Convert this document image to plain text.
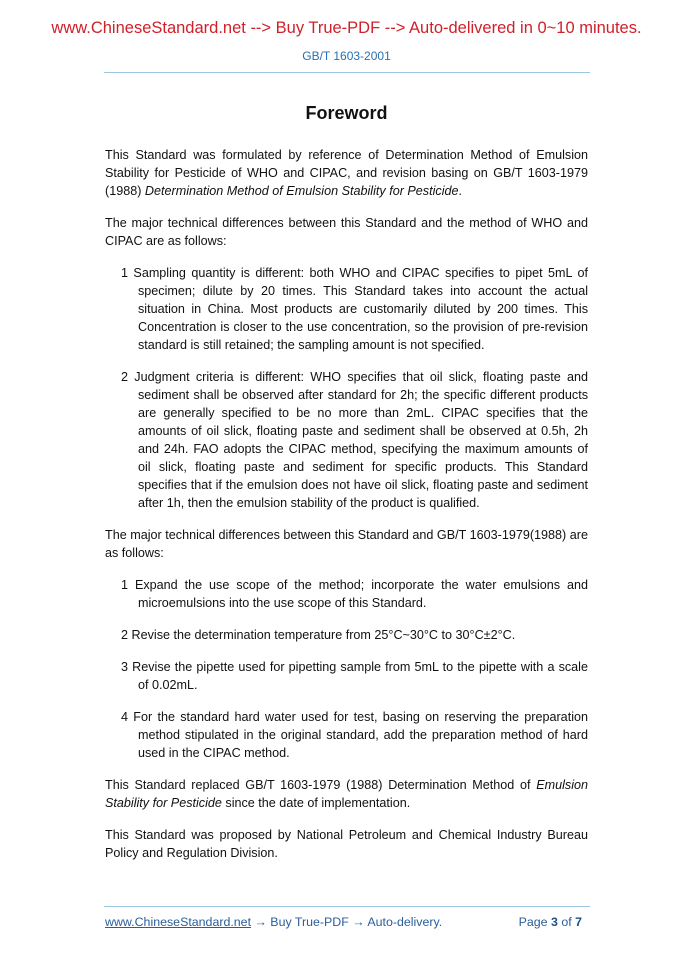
www.ChineseStandard.net --> Buy True-PDF --> Auto-delivered in 0~10 minutes.
GB/T 1603-2001
Foreword

This Standard was formulated by reference of Determination Method of Emulsion Stability for Pesticide of WHO and CIPAC, and revision basing on GB/T 1603-1979 (1988) Determination Method of Emulsion Stability for Pesticide.

The major technical differences between this Standard and the method of WHO and CIPAC are as follows:

1 Sampling quantity is different: both WHO and CIPAC specifies to pipet 5mL of specimen; dilute by 20 times. This Standard takes into account the actual situation in China. Most products are customarily diluted by 200 times. This Concentration is closer to the use concentration, so the provision of pre-revision standard is still retained; the sampling amount is not specified.

2 Judgment criteria is different: WHO specifies that oil slick, floating paste and sediment shall be observed after standard for 2h; the specific different products are generally specified to be no more than 2mL. CIPAC specifies that the amounts of oil slick, floating paste and sediment shall be observed at 0.5h, 2h and 24h. FAO adopts the CIPAC method, specifying the maximum amounts of oil slick, floating paste and sediment for specific products. This Standard specifies that if the emulsion does not have oil slick, floating paste and sediment after 1h, then the emulsion stability of the product is qualified.

The major technical differences between this Standard and GB/T 1603-1979(1988) are as follows:

1 Expand the use scope of the method; incorporate the water emulsions and microemulsions into the use scope of this Standard.

2 Revise the determination temperature from 25°C~30°C to 30°C±2°C.

3 Revise the pipette used for pipetting sample from 5mL to the pipette with a scale of 0.02mL.

4 For the standard hard water used for test, basing on reserving the preparation method stipulated in the original standard, add the preparation method of hard used in the CIPAC method.

This Standard replaced GB/T 1603-1979 (1988) Determination Method of Emulsion Stability for Pesticide since the date of implementation.

This Standard was proposed by National Petroleum and Chemical Industry Bureau Policy and Regulation Division.

www.ChineseStandard.net → Buy True-PDF → Auto-delivery.	Page 3 of 7
